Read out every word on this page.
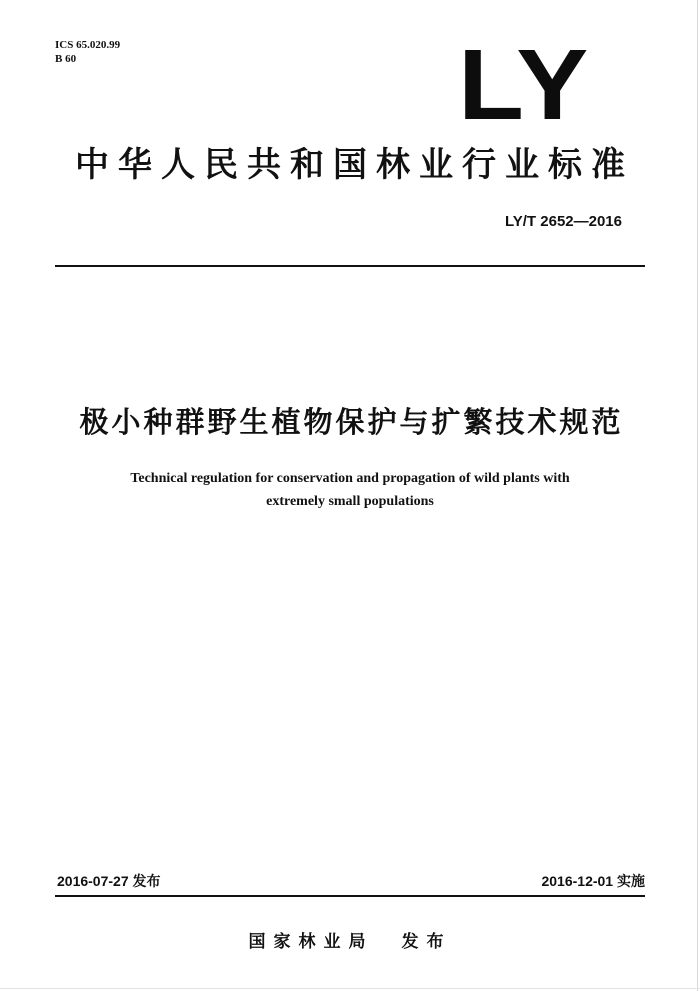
ICS 65.020.99
B 60	LY
中华人民共和国林业行业标准
LY/T 2652—2016
极小种群野生植物保护与扩繁技术规范
Technical regulation for conservation and propagation of wild plants with
extremely small populations
2016-07-27 发布	2016-12-01 实施
国家林业局 发布
